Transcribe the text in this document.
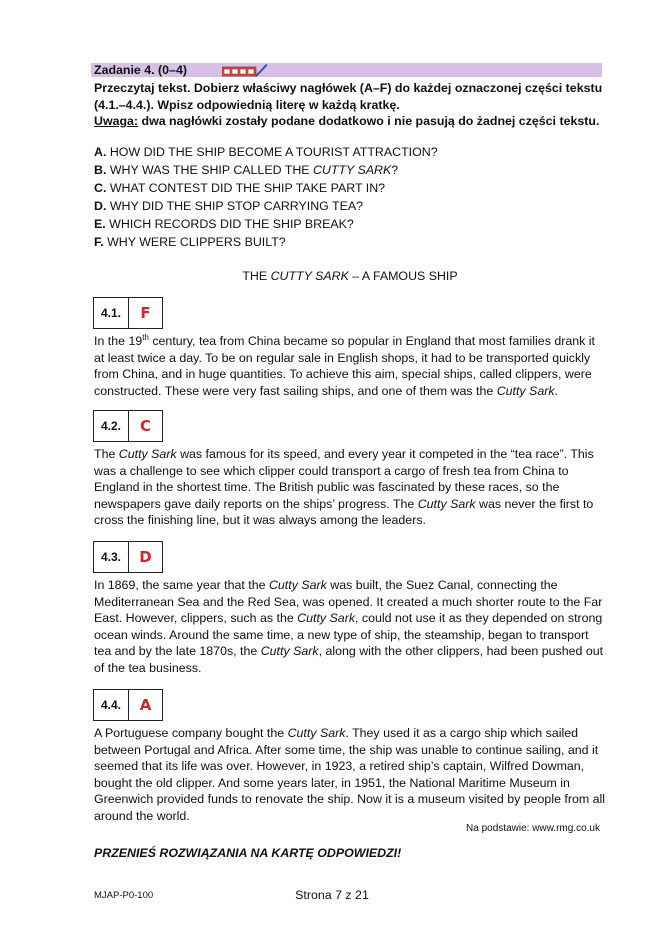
Zadanie 4. (0–4)

Przeczytaj tekst. Dobierz właściwy nagłówek (A–F) do każdej oznaczonej części tekstu

(4.1.–4.4.). Wpisz odpowiednią literę w każdą kratkę.

Uwaga: dwa nagłówki zostały podane dodatkowo i nie pasują do żadnej części tekstu.

A. HOW DID THE SHIP BECOME A TOURIST ATTRACTION?
B. WHY WAS THE SHIP CALLED THE CUTTY SARK?
C. WHAT CONTEST DID THE SHIP TAKE PART IN?
D. WHY DID THE SHIP STOP CARRYING TEA?
E. WHICH RECORDS DID THE SHIP BREAK?
F. WHY WERE CLIPPERS BUILT?
THE CUTTY SARK – A FAMOUS SHIP
4.1.	F

In the 19th century, tea from China became so popular in England that most families drank it at least twice a day. To be on regular sale in English shops, it had to be transported quickly from China, and in huge quantities. To achieve this aim, special ships, called clippers, were constructed. These were very fast sailing ships, and one of them was the Cutty Sark.

4.2.	C

The Cutty Sark was famous for its speed, and every year it competed in the “tea race”. This was a challenge to see which clipper could transport a cargo of fresh tea from China to England in the shortest time. The British public was fascinated by these races, so the newspapers gave daily reports on the ships’ progress. The Cutty Sark was never the first to cross the finishing line, but it was always among the leaders.

4.3.	D

In 1869, the same year that the Cutty Sark was built, the Suez Canal, connecting the Mediterranean Sea and the Red Sea, was opened. It created a much shorter route to the Far East. However, clippers, such as the Cutty Sark, could not use it as they depended on strong ocean winds. Around the same time, a new type of ship, the steamship, began to transport tea and by the late 1870s, the Cutty Sark, along with the other clippers, had been pushed out of the tea business.

4.4.	A

A Portuguese company bought the Cutty Sark. They used it as a cargo ship which sailed between Portugal and Africa. After some time, the ship was unable to continue sailing, and it seemed that its life was over. However, in 1923, a retired ship’s captain, Wilfred Dowman, bought the old clipper. And some years later, in 1951, the National Maritime Museum in Greenwich provided funds to renovate the ship. Now it is a museum visited by people from all around the world.

Na podstawie: www.rmg.co.uk
PRZENIEŚ ROZWIĄZANIA NA KARTĘ ODPOWIEDZI!
MJAP-P0-100	Strona 7 z 21
